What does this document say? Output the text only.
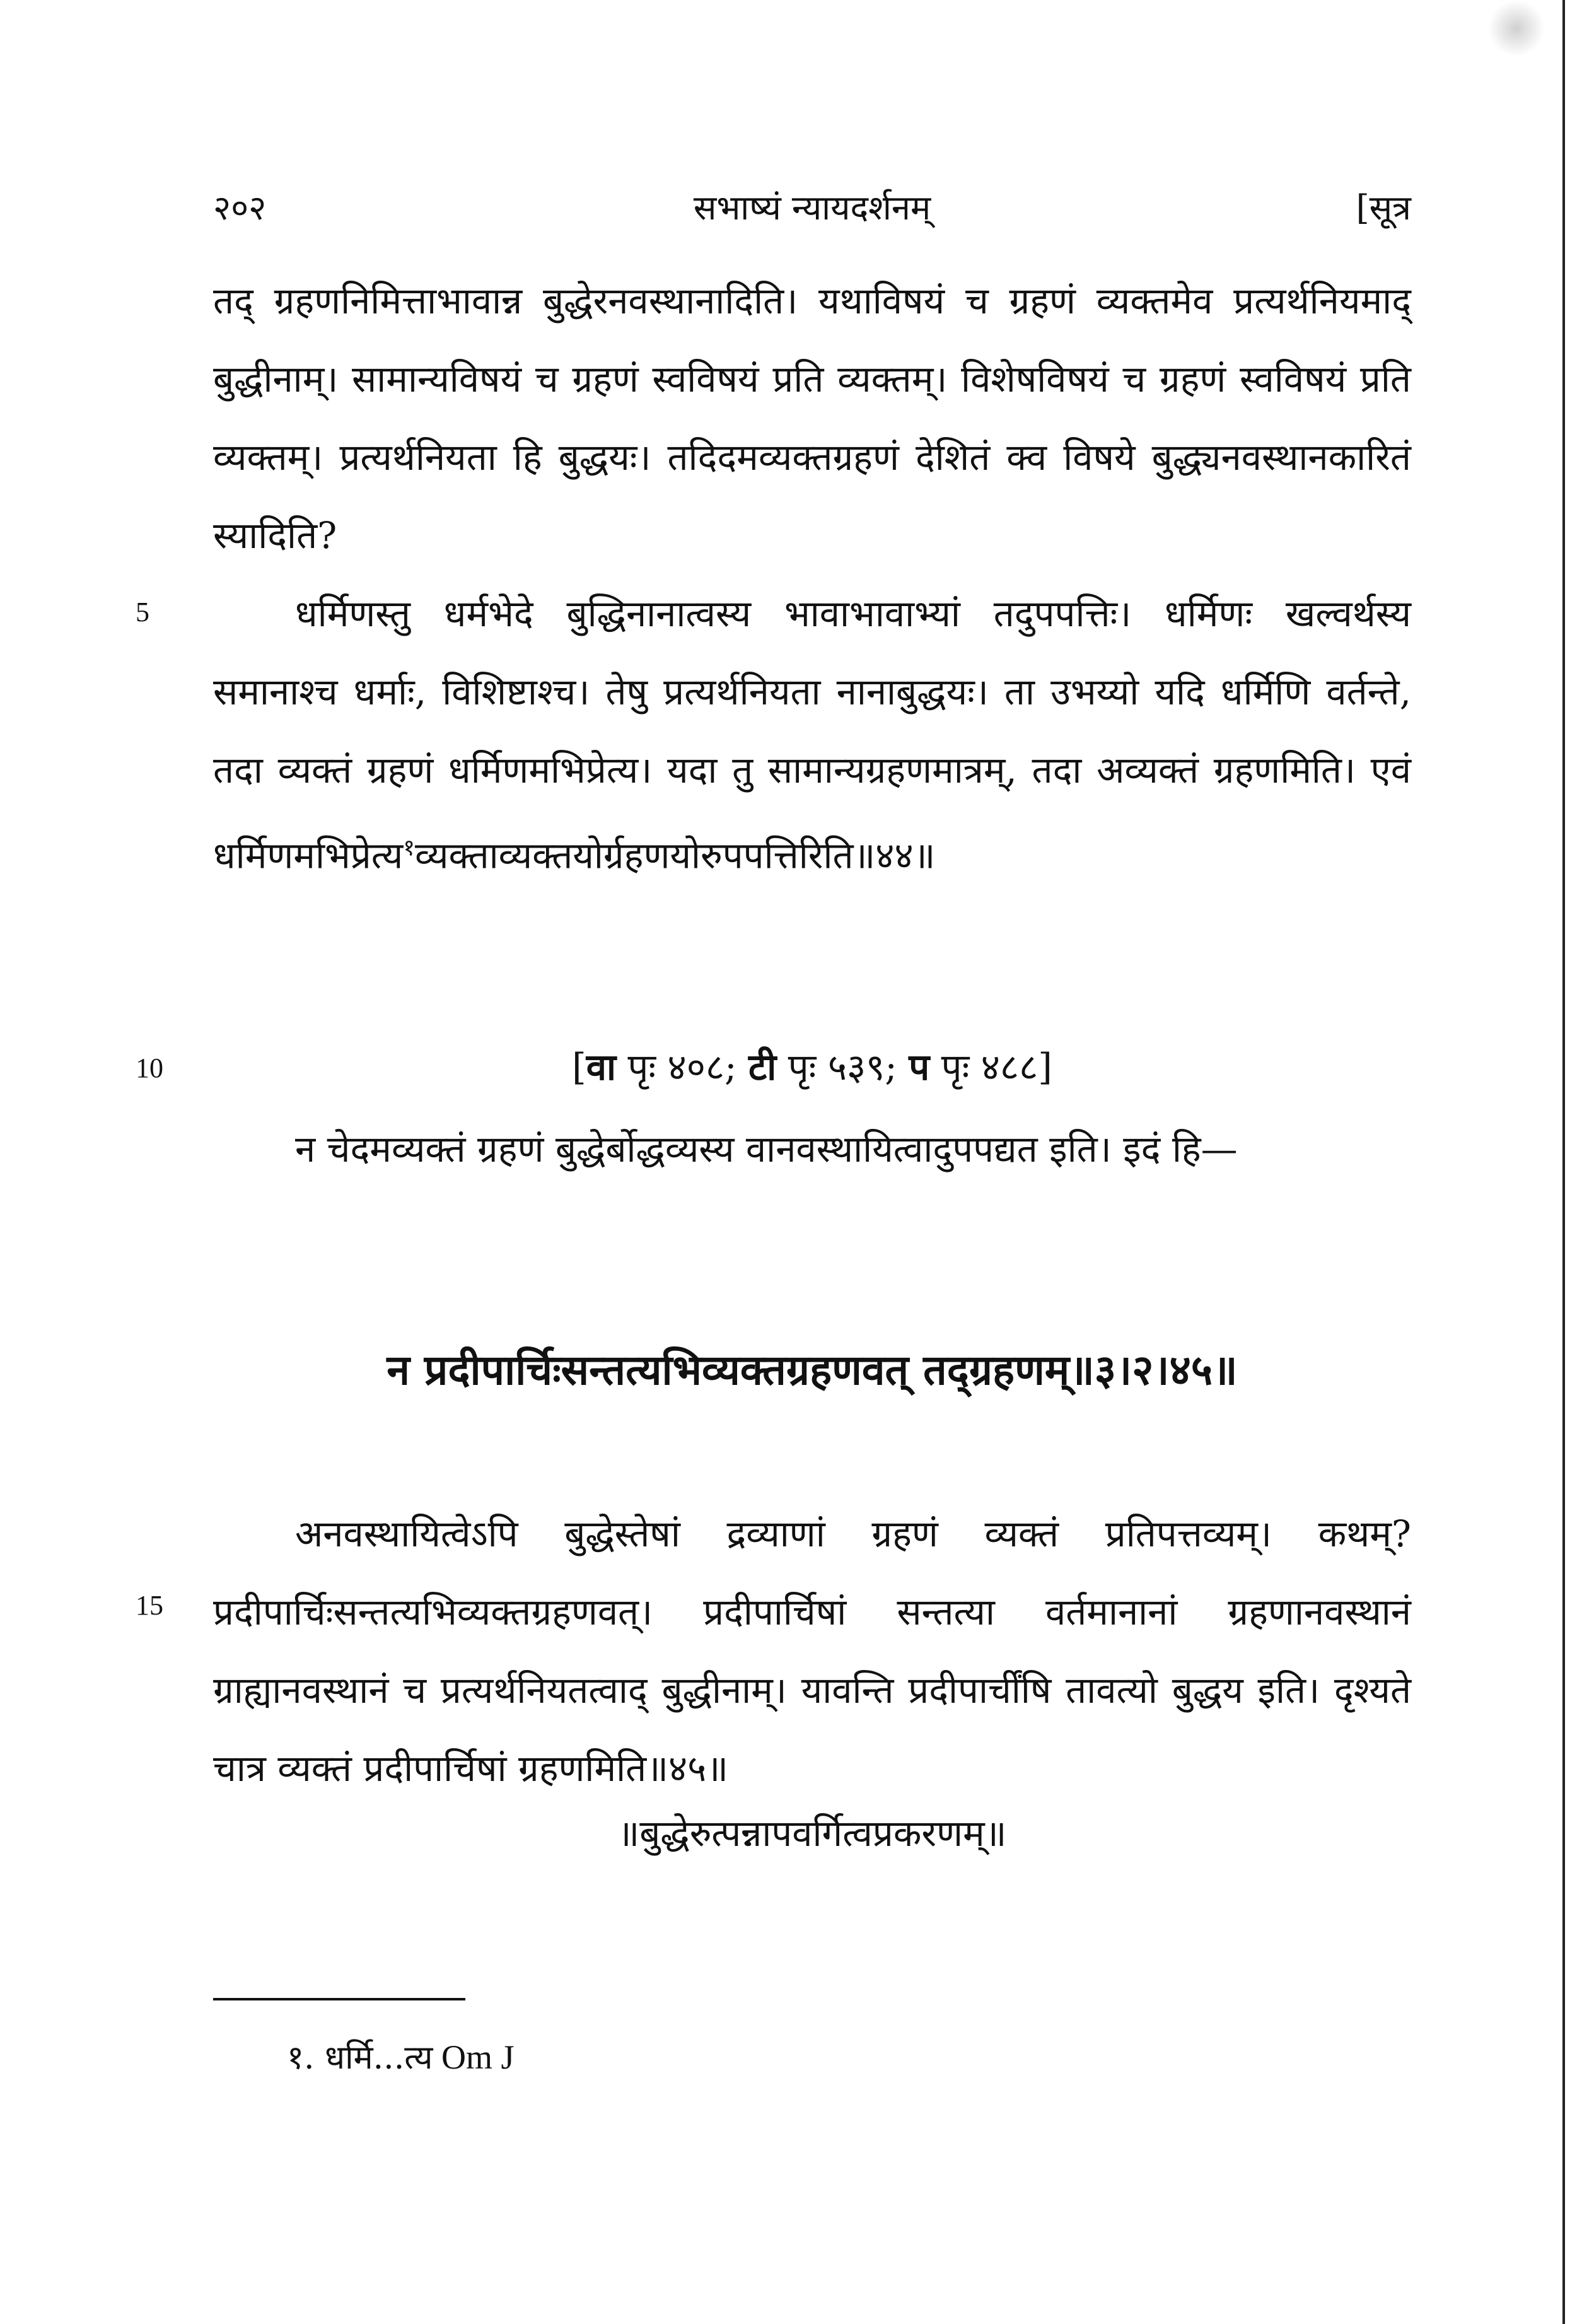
२०२	सभाष्यं न्यायदर्शनम्	[सूत्र

तद् ग्रहणनिमित्ताभावान्न बुद्धेरनवस्थानादिति। यथाविषयं च ग्रहणं व्यक्तमेव प्रत्यर्थनियमाद् बुद्धीनाम्। सामान्यविषयं च ग्रहणं स्वविषयं प्रति व्यक्तम्। विशेषविषयं च ग्रहणं स्वविषयं प्रति व्यक्तम्। प्रत्यर्थनियता हि बुद्धयः। तदिदमव्यक्तग्रहणं देशितं क्व विषये बुद्ध्यनवस्थानकारितं स्यादिति?

धर्मिणस्तु धर्मभेदे बुद्धिनानात्वस्य भावाभावाभ्यां तदुपपत्तिः। धर्मिणः खल्वर्थस्य समानाश्च धर्माः, विशिष्टाश्च। तेषु प्रत्यर्थनियता नानाबुद्धयः। ता उभय्यो यदि धर्मिणि वर्तन्ते, तदा व्यक्तं ग्रहणं धर्मिणमभिप्रेत्य। यदा तु सामान्यग्रहणमात्रम्, तदा अव्यक्तं ग्रहणमिति। एवं धर्मिणमभिप्रेत्य$^१$व्यक्ताव्यक्तयोर्ग्रहणयोरुपपत्तिरिति॥४४॥

5
10
15
[वा पृः ४०८; टी पृः ५३९; प पृः ४८८]

न चेदमव्यक्तं ग्रहणं बुद्धेर्बोद्धव्यस्य वानवस्थायित्वादुपपद्यत इति। इदं हि—

न प्रदीपार्चिःसन्तत्यभिव्यक्तग्रहणवत् तद्ग्रहणम्॥३।२।४५॥

अनवस्थायित्वेऽपि बुद्धेस्तेषां द्रव्याणां ग्रहणं व्यक्तं प्रतिपत्तव्यम्। कथम्? प्रदीपार्चिःसन्तत्यभिव्यक्तग्रहणवत्। प्रदीपार्चिषां सन्तत्या वर्तमानानां ग्रहणानवस्थानं ग्राह्यानवस्थानं च प्रत्यर्थनियतत्वाद् बुद्धीनाम्। यावन्ति प्रदीपार्चींषि तावत्यो बुद्धय इति। दृश्यते चात्र व्यक्तं प्रदीपार्चिषां ग्रहणमिति॥४५॥

॥बुद्धेरुत्पन्नापवर्गित्वप्रकरणम्॥
१. धर्मि...त्य Om J
